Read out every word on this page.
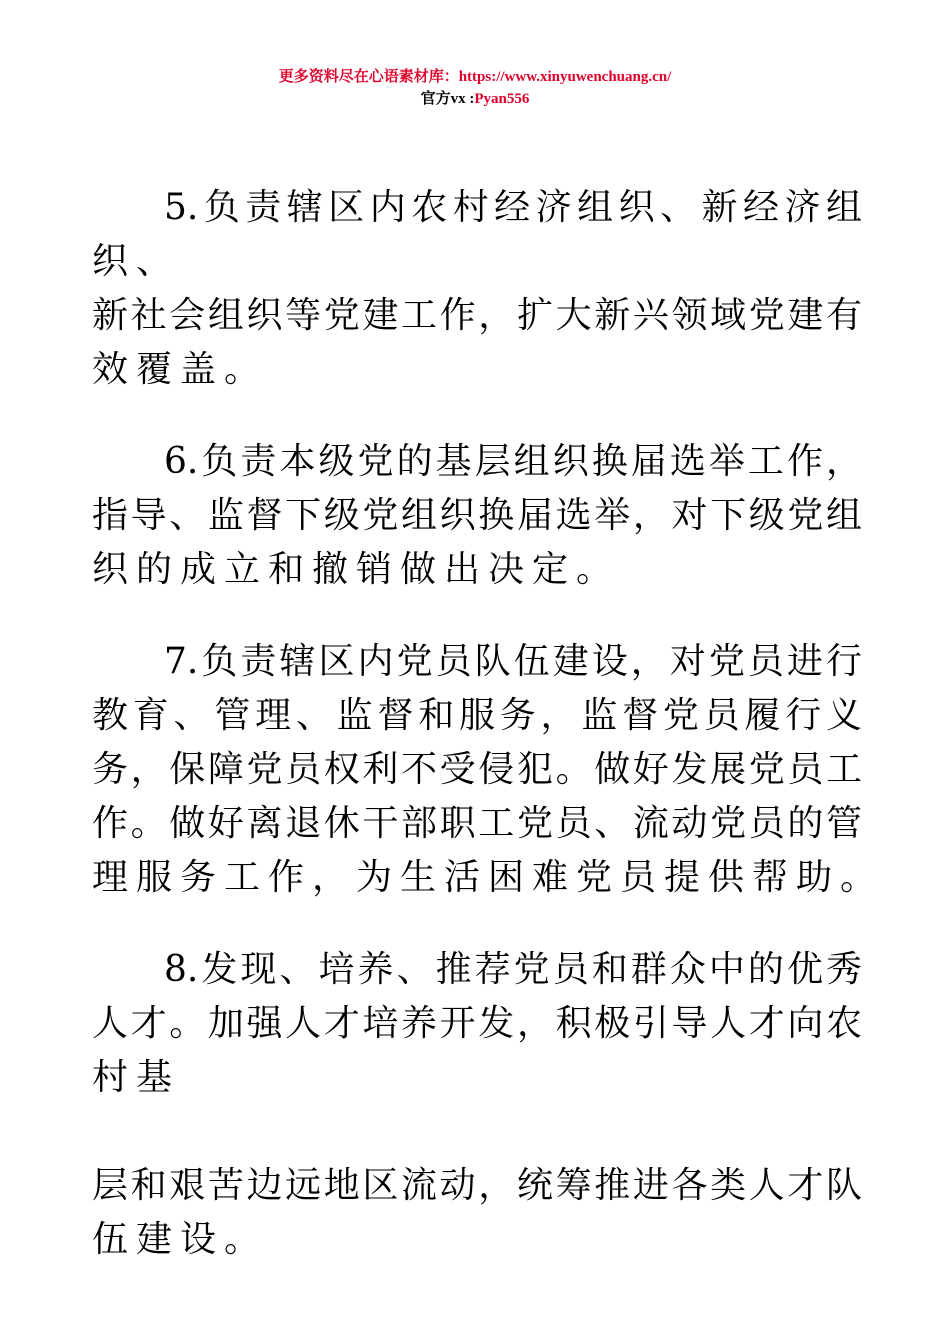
更多资料尽在心语素材库：https://www.xinyuwenchuang.cn/
官方vx :Pyan556
5.负责辖区内农村经济组织、新经济组
织、
新社会组织等党建工作，扩大新兴领域党建有
效覆盖。
6.负责本级党的基层组织换届选举工作，
指导、监督下级党组织换届选举，对下级党组
织的成立和撤销做出决定。
7.负责辖区内党员队伍建设，对党员进行
教育、管理、监督和服务，监督党员履行义
务，保障党员权利不受侵犯。做好发展党员工
作。做好离退休干部职工党员、流动党员的管
理服务工作，为生活困难党员提供帮助。
8.发现、培养、推荐党员和群众中的优秀
人才。加强人才培养开发，积极引导人才向农
村基
层和艰苦边远地区流动，统筹推进各类人才队
伍建设。
